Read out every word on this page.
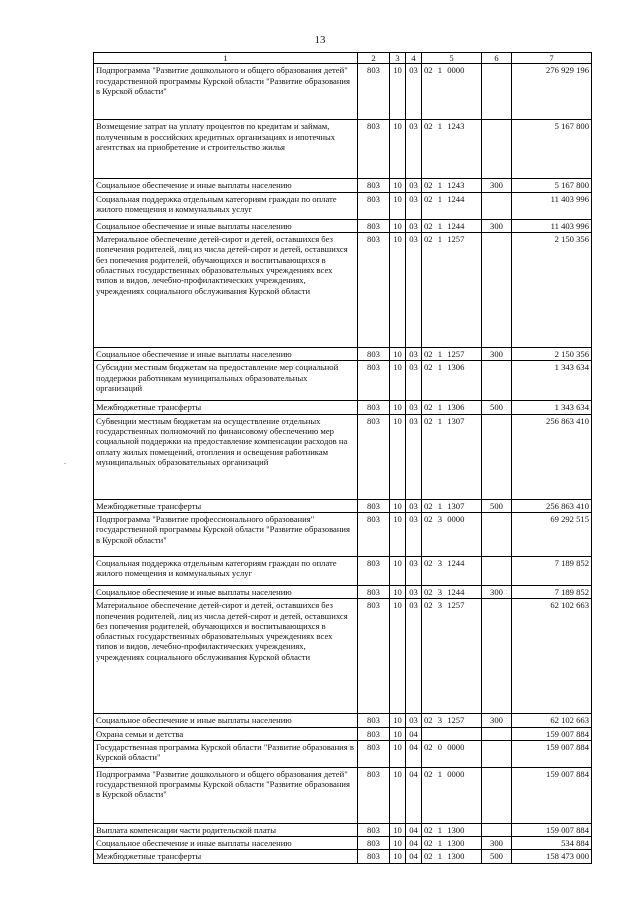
13
.
1	2	3	4	5	6	7
Подпрограмма "Развитие дошкольного и общего образования детей" государственной программы Курской области "Развитие образования в Курской области"	803	10	03	02 1 0000		276 929 196
Возмещение затрат на уплату процентов по кредитам и займам, полученным в российских кредитных организациях и ипотечных агентствах на приобретение и строительство жилья	803	10	03	02 1 1243		5 167 800
Социальное обеспечение и иные выплаты населению	803	10	03	02 1 1243	300	5 167 800
Социальная поддержка отдельным категориям граждан по оплате жилого помещения и коммунальных услуг	803	10	03	02 1 1244		11 403 996
Социальное обеспечение и иные выплаты населению	803	10	03	02 1 1244	300	11 403 996
Материальное обеспечение детей-сирот и детей, оставшихся без попечения родителей, лиц из числа детей-сирот и детей, оставшихся без попечения родителей, обучающихся и воспитывающихся в областных государственных образовательных учреждениях всех типов и видов, лечебно-профилактических учреждениях, учреждениях социального обслуживания Курской области	803	10	03	02 1 1257		2 150 356
Социальное обеспечение и иные выплаты населению	803	10	03	02 1 1257	300	2 150 356
Субсидии местным бюджетам на предоставление мер социальной поддержки работникам муниципальных образовательных организаций	803	10	03	02 1 1306		1 343 634
Межбюджетные трансферты	803	10	03	02 1 1306	500	1 343 634
Субвенции местным бюджетам на осуществление отдельных государственных полномочий по финансовому обеспечению мер социальной поддержки на предоставление компенсации расходов на оплату жилых помещений, отопления и освещения работникам муниципальных образовательных организаций	803	10	03	02 1 1307		256 863 410
Межбюджетные трансферты	803	10	03	02 1 1307	500	256 863 410
Подпрограмма "Развитие профессионального образования" государственной программы Курской области "Развитие образования в Курской области"	803	10	03	02 3 0000		69 292 515
Социальная поддержка отдельным категориям граждан по оплате жилого помещения и коммунальных услуг	803	10	03	02 3 1244		7 189 852
Социальное обеспечение и иные выплаты населению	803	10	03	02 3 1244	300	7 189 852
Материальное обеспечение детей-сирот и детей, оставшихся без попечения родителей, лиц из числа детей-сирот и детей, оставшихся без попечения родителей, обучающихся и воспитывающихся в областных государственных образовательных учреждениях всех типов и видов, лечебно-профилактических учреждениях, учреждениях социального обслуживания Курской области	803	10	03	02 3 1257		62 102 663
Социальное обеспечение и иные выплаты населению	803	10	03	02 3 1257	300	62 102 663
Охрана семьи и детства	803	10	04			159 007 884
Государственная программа Курской области "Развитие образования в Курской области"	803	10	04	02 0 0000		159 007 884
Подпрограмма "Развитие дошкольного и общего образования детей" государственной программы Курской области "Развитие образования в Курской области"	803	10	04	02 1 0000		159 007 884
Выплата компенсации части родительской платы	803	10	04	02 1 1300		159 007 884
Социальное обеспечение и иные выплаты населению	803	10	04	02 1 1300	300	534 884
Межбюджетные трансферты	803	10	04	02 1 1300	500	158 473 000
